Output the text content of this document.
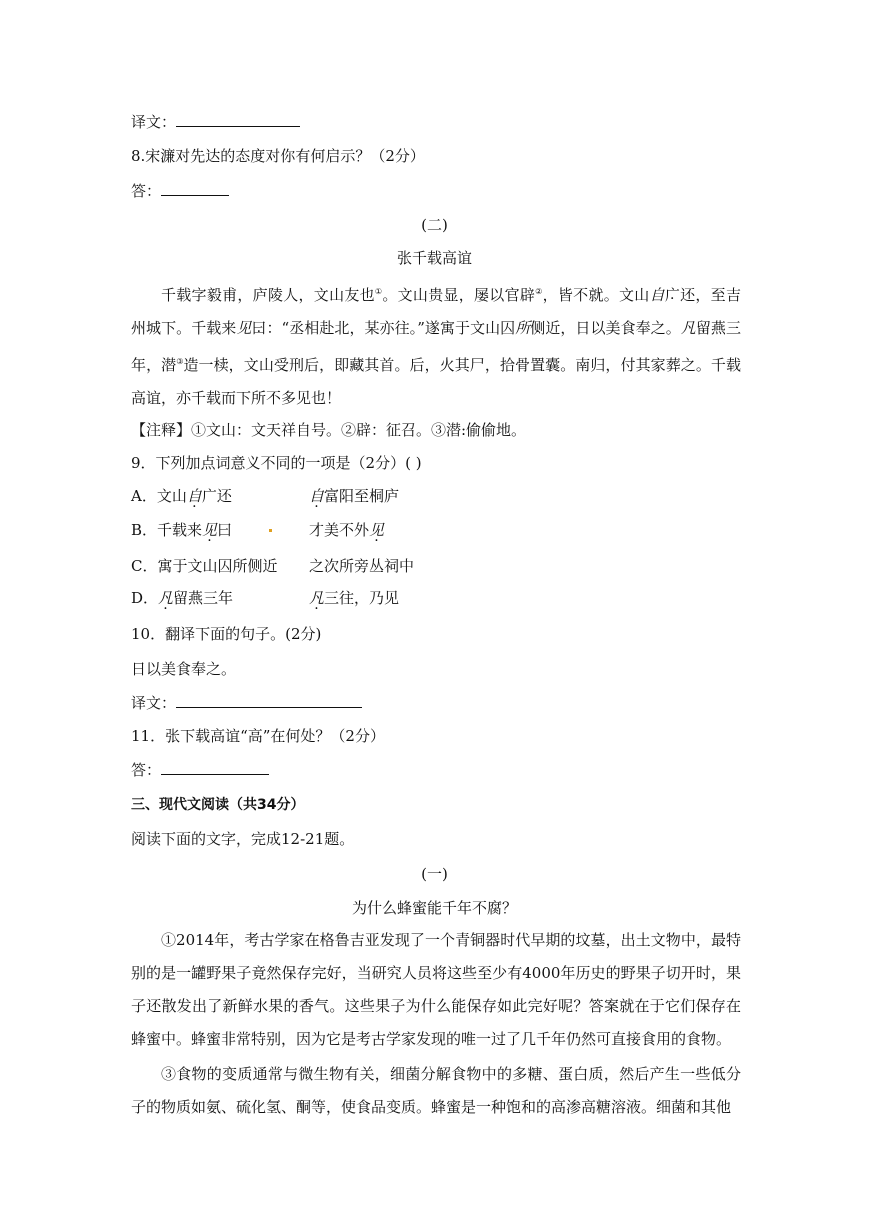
译文：
8.宋濂对先达的态度对你有何启示？（2分）
答：
(二)
张千载高谊
千载字毅甫，庐陵人，文山友也①。文山贵显，屡以官辟②，皆不就。文山自广还，至吉州城下。千载来见曰：“丞相赴北，某亦往。”遂寓于文山囚所侧近，日以美食奉之。凡留燕三年，潜③造一椟，文山受刑后，即藏其首。后，火其尸，拾骨置囊。南归，付其家葬之。千载高谊，亦千载而下所不多见也！
【注释】①文山：文天祥自号。②辟：征召。③潜:偷偷地。
9．下列加点词意义不同的一项是（2分）( )
A．文山自广还	自富阳至桐庐
B．千载来见曰	才美不外见
C．寓于文山囚所侧近 之次所旁丛祠中
D．凡留燕三年	凡三往，乃见
10．翻译下面的句子。(2分)
日以美食奉之。
译文：
11．张下载高谊“高”在何处？（2分）
答：
三、现代文阅读（共34分）
阅读下面的文字，完成12-21题。
(一)
为什么蜂蜜能千年不腐？
①2014年，考古学家在格鲁吉亚发现了一个青铜器时代早期的坟墓，出土文物中，最特别的是一罐野果子竟然保存完好，当研究人员将这些至少有4000年历史的野果子切开时，果子还散发出了新鲜水果的香气。这些果子为什么能保存如此完好呢？答案就在于它们保存在蜂蜜中。蜂蜜非常特别，因为它是考古学家发现的唯一过了几千年仍然可直接食用的食物。
③食物的变质通常与微生物有关，细菌分解食物中的多糖、蛋白质，然后产生一些低分子的物质如氨、硫化氢、酮等，使食品变质。蜂蜜是一种饱和的高渗高糖溶液。细菌和其他
